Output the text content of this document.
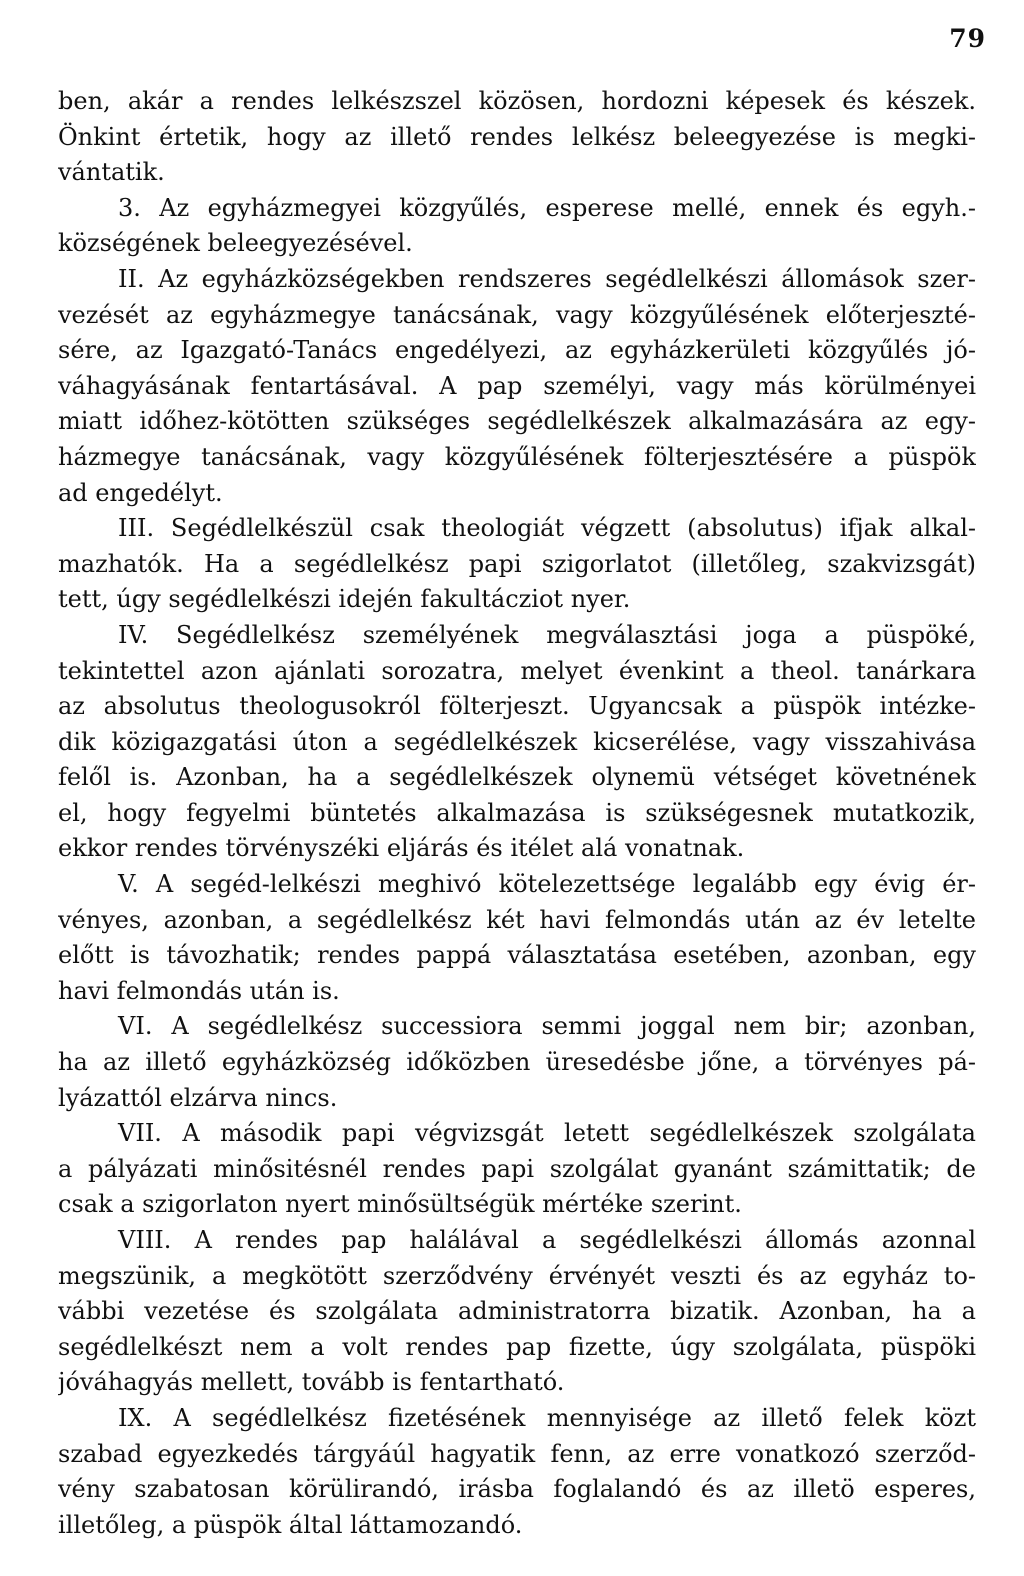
79
ben, akár a rendes lelkészszel közösen, hordozni képesek és készek.
Önkint értetik, hogy az illető rendes lelkész beleegyezése is megki-
vántatik.
3. Az egyházmegyei közgyűlés, esperese mellé, ennek és egyh.-
községének beleegyezésével.
II. Az egyházközségekben rendszeres segédlelkészi állomások szer-
vezését az egyházmegye tanácsának, vagy közgyűlésének előterjeszté-
sére, az Igazgató-Tanács engedélyezi, az egyházkerületi közgyűlés jó-
váhagyásának fentartásával. A pap személyi, vagy más körülményei
miatt időhez-kötötten szükséges segédlelkészek alkalmazására az egy-
házmegye tanácsának, vagy közgyűlésének fölterjesztésére a püspök
ad engedélyt.
III. Segédlelkészül csak theologiát végzett (absolutus) ifjak alkal-
mazhatók. Ha a segédlelkész papi szigorlatot (illetőleg, szakvizsgát)
tett, úgy segédlelkészi idején fakultácziot nyer.
IV. Segédlelkész személyének megválasztási joga a püspöké,
tekintettel azon ajánlati sorozatra, melyet évenkint a theol. tanárkara
az absolutus theologusokról fölterjeszt. Ugyancsak a püspök intézke-
dik közigazgatási úton a segédlelkészek kicserélése, vagy visszahivása
felől is. Azonban, ha a segédlelkészek olynemü vétséget követnének
el, hogy fegyelmi büntetés alkalmazása is szükségesnek mutatkozik,
ekkor rendes törvényszéki eljárás és itélet alá vonatnak.
V. A segéd-lelkészi meghivó kötelezettsége legalább egy évig ér-
vényes, azonban, a segédlelkész két havi felmondás után az év letelte
előtt is távozhatik; rendes pappá választatása esetében, azonban, egy
havi felmondás után is.
VI. A segédlelkész successiora semmi joggal nem bir; azonban,
ha az illető egyházközség időközben üresedésbe jőne, a törvényes pá-
lyázattól elzárva nincs.
VII. A második papi végvizsgát letett segédlelkészek szolgálata
a pályázati minősitésnél rendes papi szolgálat gyanánt számittatik; de
csak a szigorlaton nyert minősültségük mértéke szerint.
VIII. A rendes pap halálával a segédlelkészi állomás azonnal
megszünik, a megkötött szerződvény érvényét veszti és az egyház to-
vábbi vezetése és szolgálata administratorra bizatik. Azonban, ha a
segédlelkészt nem a volt rendes pap fizette, úgy szolgálata, püspöki
jóváhagyás mellett, tovább is fentartható.
IX. A segédlelkész fizetésének mennyisége az illető felek közt
szabad egyezkedés tárgyáúl hagyatik fenn, az erre vonatkozó szerződ-
vény szabatosan körülirandó, irásba foglalandó és az illetö esperes,
illetőleg, a püspök által láttamozandó.
